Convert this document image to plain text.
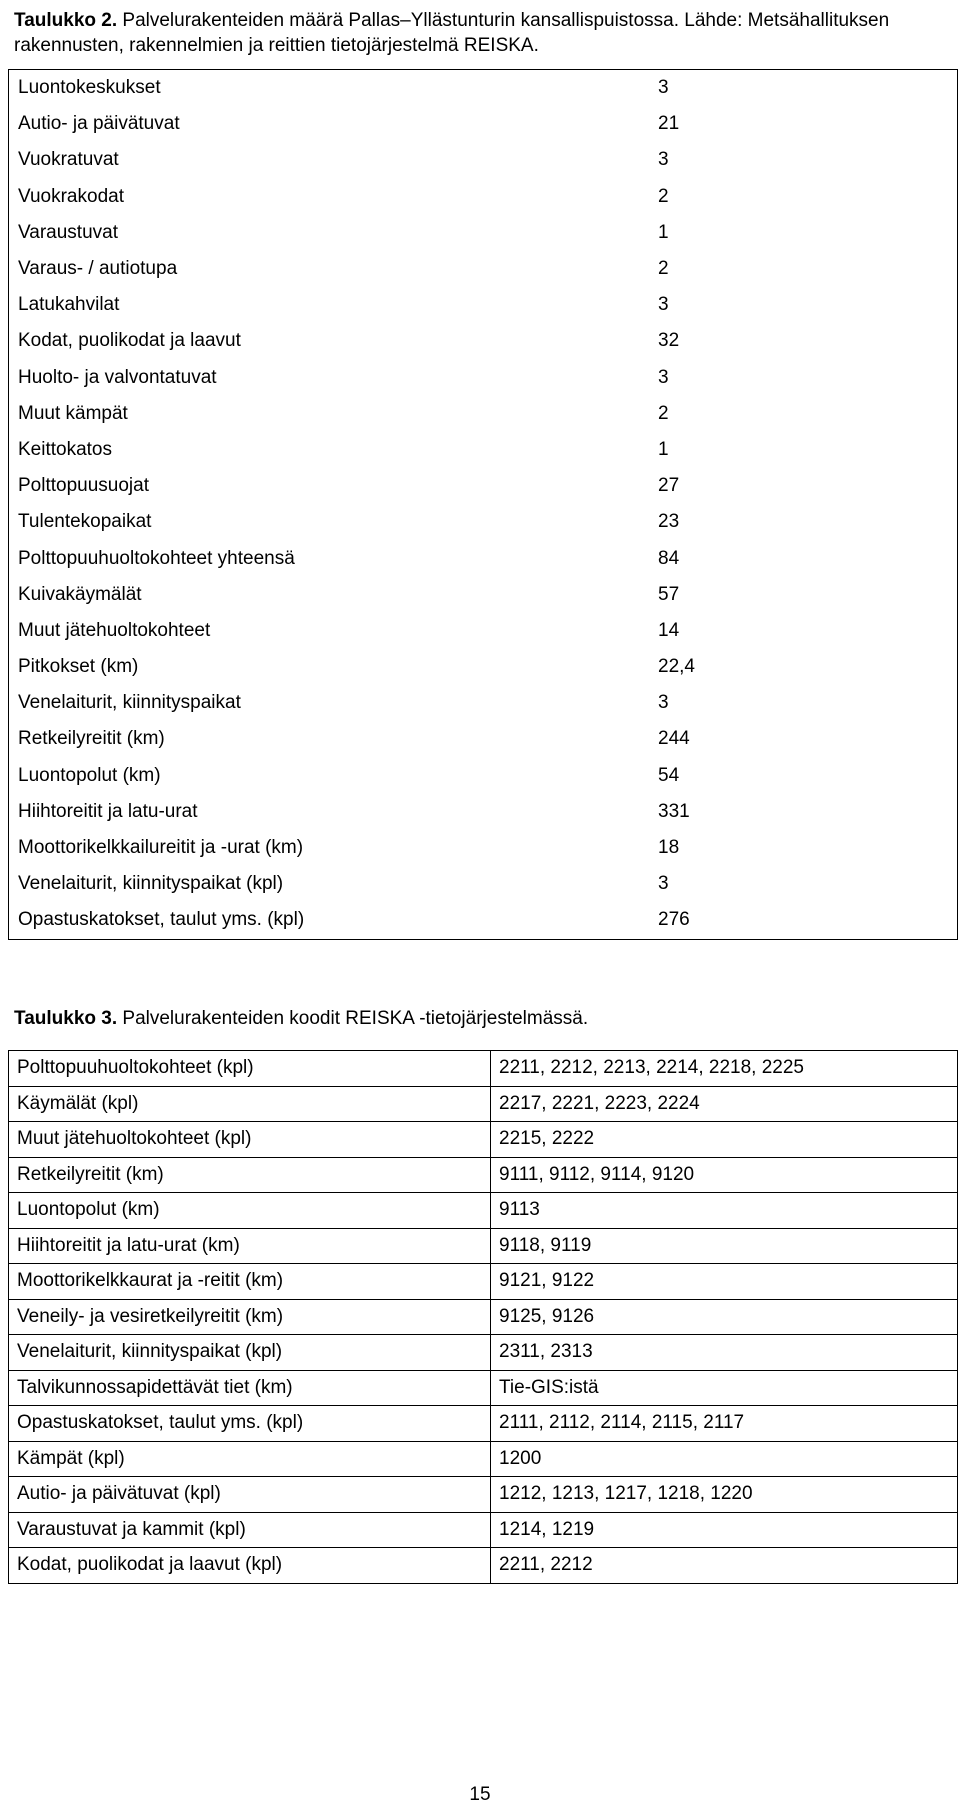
Taulukko 2. Palvelurakenteiden määrä Pallas–Yllästunturin kansallispuistossa. Lähde: Metsähallituksen rakennusten, rakennelmien ja reittien tietojärjestelmä REISKA.
Luontokeskukset	3
Autio- ja päivätuvat	21
Vuokratuvat	3
Vuokrakodat	2
Varaustuvat	1
Varaus- / autiotupa	2
Latukahvilat	3
Kodat, puolikodat ja laavut	32
Huolto- ja valvontatuvat	3
Muut kämpät	2
Keittokatos	1
Polttopuusuojat	27
Tulentekopaikat	23
Polttopuuhuoltokohteet yhteensä	84
Kuivakäymälät	57
Muut jätehuoltokohteet	14
Pitkokset (km)	22,4
Venelaiturit, kiinnityspaikat	3
Retkeilyreitit (km)	244
Luontopolut (km)	54
Hiihtoreitit ja latu-urat	331
Moottorikelkkailureitit ja -urat (km)	18
Venelaiturit, kiinnityspaikat (kpl)	3
Opastuskatokset, taulut yms. (kpl)	276
Taulukko 3. Palvelurakenteiden koodit REISKA -tietojärjestelmässä.
Polttopuuhuoltokohteet (kpl)	2211, 2212, 2213, 2214, 2218, 2225
Käymälät (kpl)	2217, 2221, 2223, 2224
Muut jätehuoltokohteet (kpl)	2215, 2222
Retkeilyreitit (km)	9111, 9112, 9114, 9120
Luontopolut (km)	9113
Hiihtoreitit ja latu-urat (km)	9118, 9119
Moottorikelkkaurat ja -reitit (km)	9121, 9122
Veneily- ja vesiretkeilyreitit (km)	9125, 9126
Venelaiturit, kiinnityspaikat (kpl)	2311, 2313
Talvikunnossapidettävät tiet (km)	Tie-GIS:istä
Opastuskatokset, taulut yms. (kpl)	2111, 2112, 2114, 2115, 2117
Kämpät (kpl)	1200
Autio- ja päivätuvat (kpl)	1212, 1213, 1217, 1218, 1220
Varaustuvat ja kammit (kpl)	1214, 1219
Kodat, puolikodat ja laavut (kpl)	2211, 2212
15
